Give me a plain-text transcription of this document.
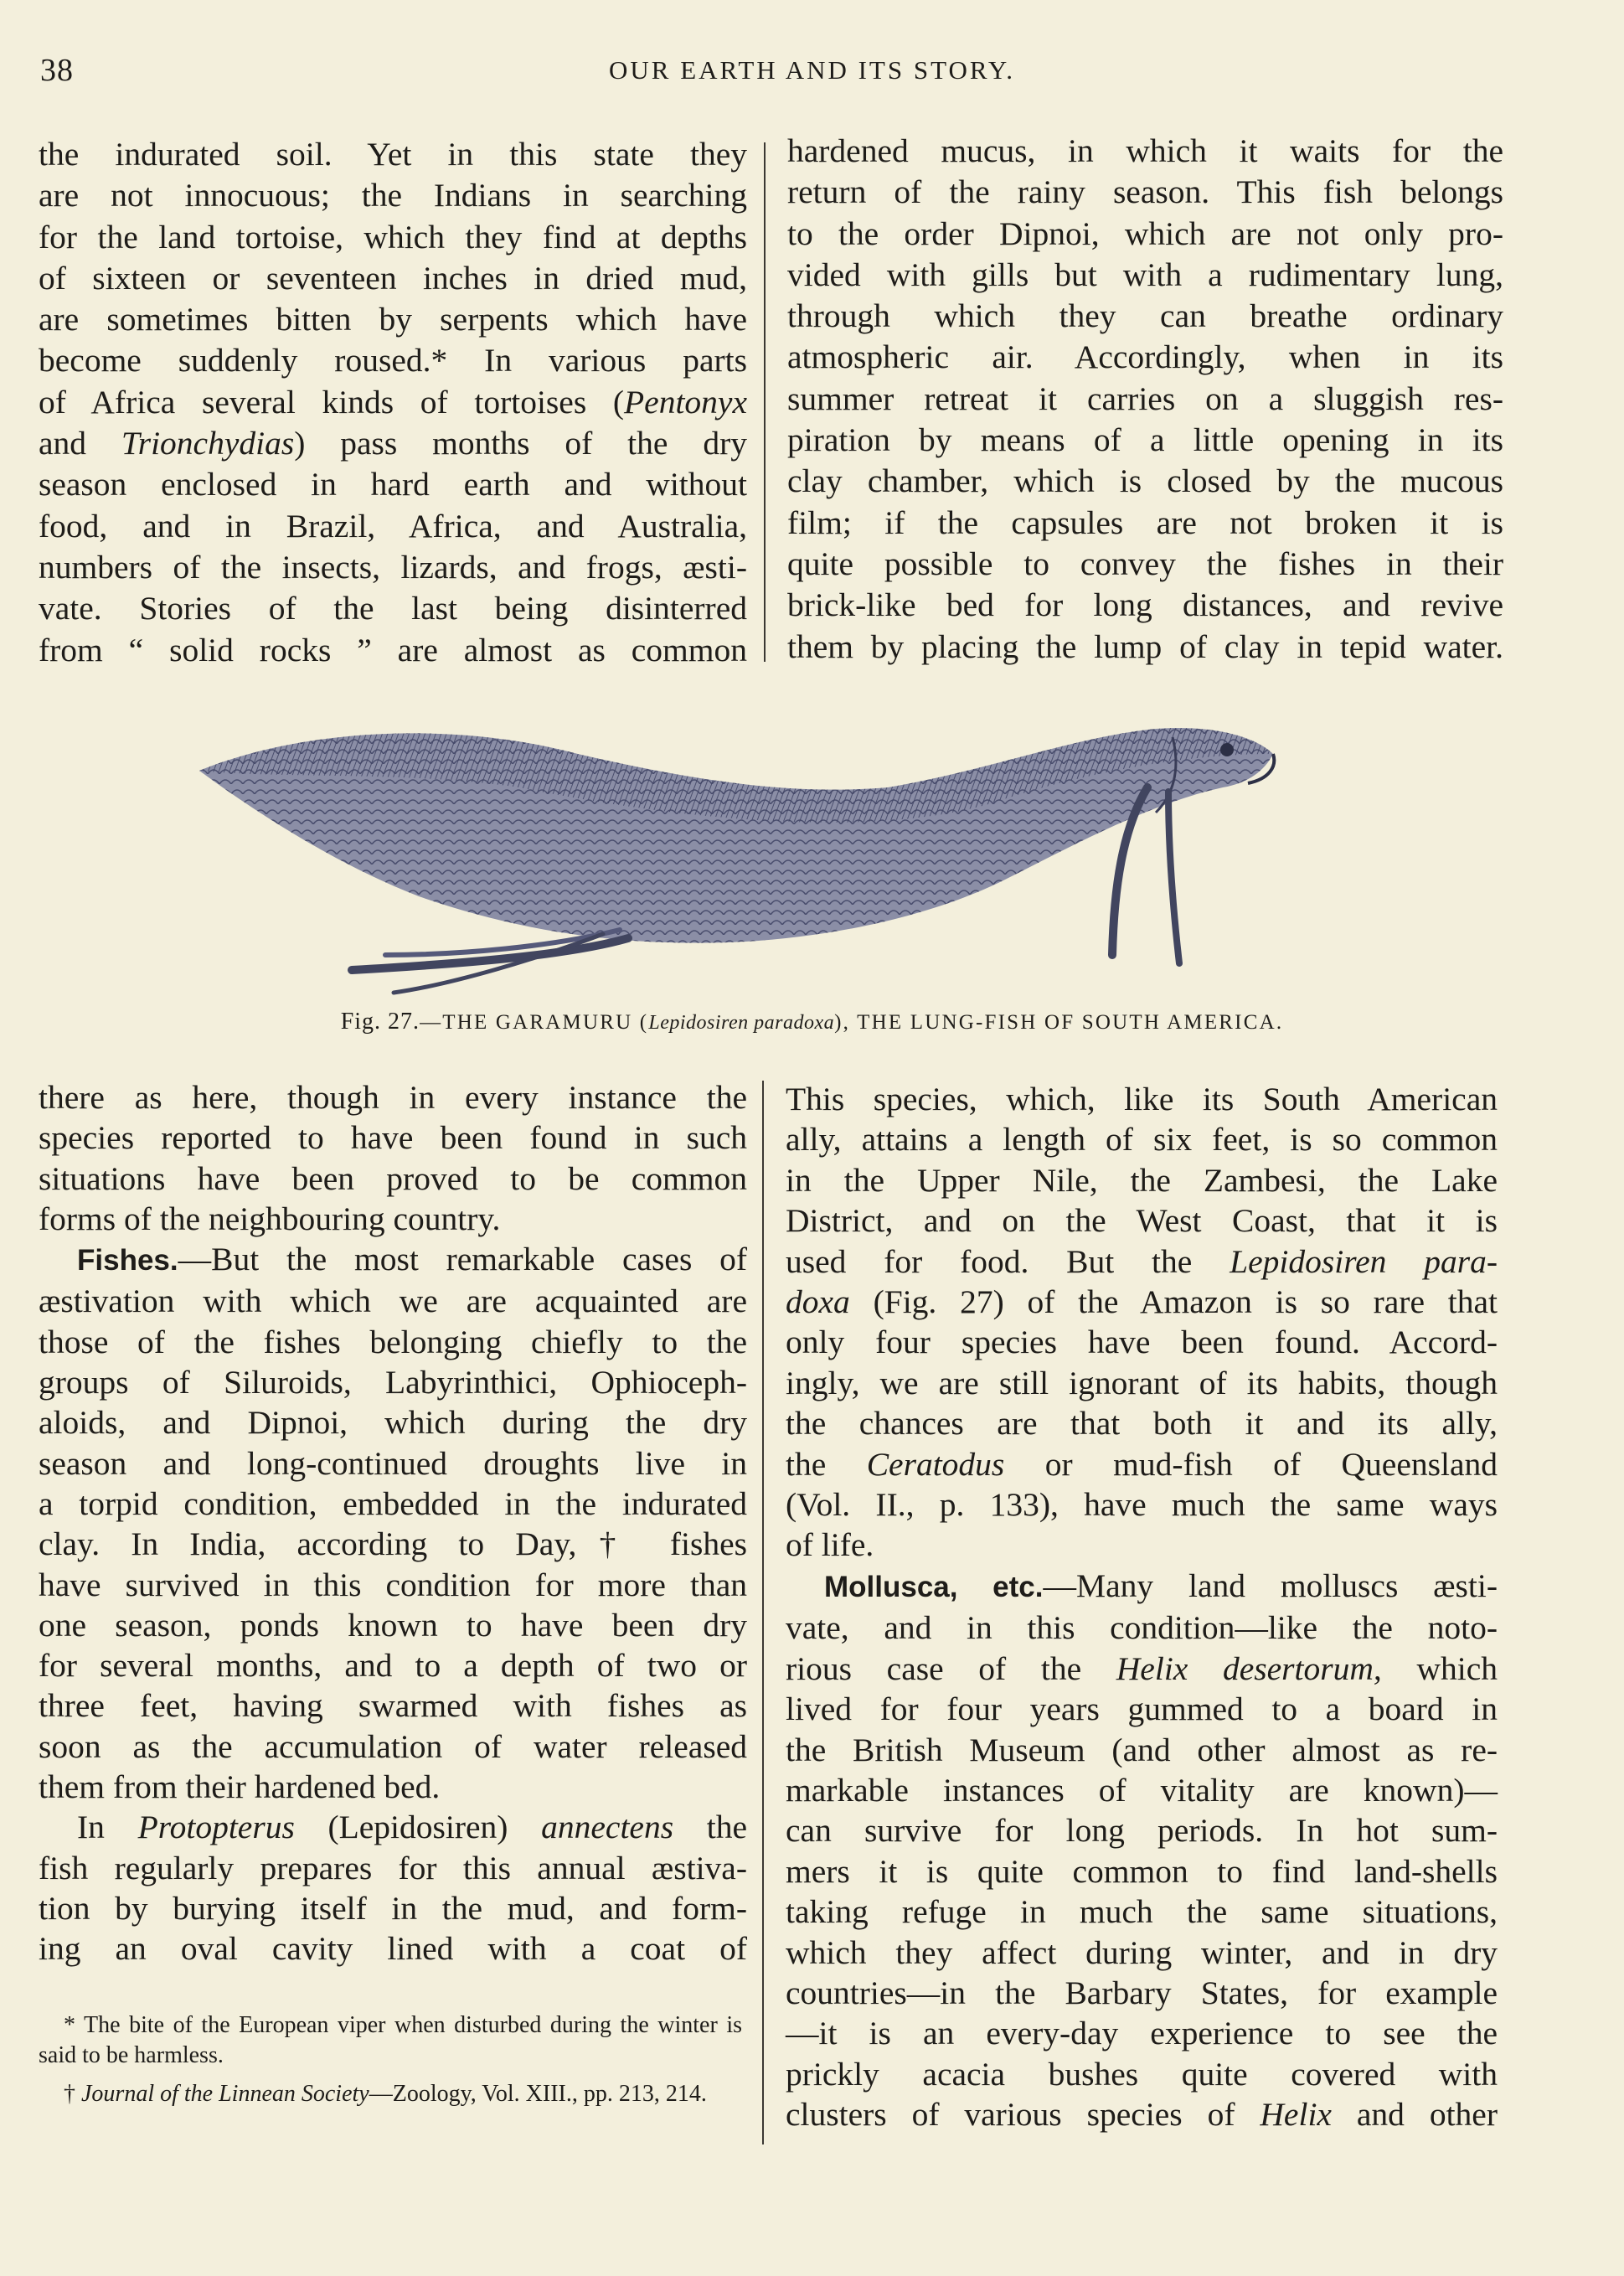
38	OUR EARTH AND ITS STORY.
the indurated soil. Yet in this state they
are not innocuous; the Indians in searching
for the land tortoise, which they find at depths
of sixteen or seventeen inches in dried mud,
are sometimes bitten by serpents which have
become suddenly roused.* In various parts
of Africa several kinds of tortoises (Pentonyx
and Trionchydias) pass months of the dry
season enclosed in hard earth and without
food, and in Brazil, Africa, and Australia,
numbers of the insects, lizards, and frogs, æsti-
vate. Stories of the last being disinterred
from “ solid rocks ” are almost as common
hardened mucus, in which it waits for the
return of the rainy season. This fish belongs
to the order Dipnoi, which are not only pro-
vided with gills but with a rudimentary lung,
through which they can breathe ordinary
atmospheric air. Accordingly, when in its
summer retreat it carries on a sluggish res-
piration by means of a little opening in its
clay chamber, which is closed by the mucous
film; if the capsules are not broken it is
quite possible to convey the fishes in their
brick-like bed for long distances, and revive
them by placing the lump of clay in tepid water.
Fig. 27.—THE GARAMURU (Lepidosiren paradoxa), THE LUNG-FISH OF SOUTH AMERICA.
there as here, though in every instance the
species reported to have been found in such
situations have been proved to be common
forms of the neighbouring country.
Fishes.—But the most remarkable cases of
æstivation with which we are acquainted are
those of the fishes belonging chiefly to the
groups of Siluroids, Labyrinthici, Ophioceph-
aloids, and Dipnoi, which during the dry
season and long-continued droughts live in
a torpid condition, embedded in the indurated
clay. In India, according to Day,† fishes
have survived in this condition for more than
one season, ponds known to have been dry
for several months, and to a depth of two or
three feet, having swarmed with fishes as
soon as the accumulation of water released
them from their hardened bed.
In Protopterus (Lepidosiren) annectens the
fish regularly prepares for this annual æstiva-
tion by burying itself in the mud, and form-
ing an oval cavity lined with a coat of

* The bite of the European viper when disturbed during the winter is said to be harmless.

† Journal of the Linnean Society—Zoology, Vol. XIII., pp. 213, 214.

This species, which, like its South American
ally, attains a length of six feet, is so common
in the Upper Nile, the Zambesi, the Lake
District, and on the West Coast, that it is
used for food. But the Lepidosiren para-
doxa (Fig. 27) of the Amazon is so rare that
only four species have been found. Accord-
ingly, we are still ignorant of its habits, though
the chances are that both it and its ally,
the Ceratodus or mud-fish of Queensland
(Vol. II., p. 133), have much the same ways
of life.
Mollusca, etc.—Many land molluscs æsti-
vate, and in this condition—like the noto-
rious case of the Helix desertorum, which
lived for four years gummed to a board in
the British Museum (and other almost as re-
markable instances of vitality are known)—
can survive for long periods. In hot sum-
mers it is quite common to find land-shells
taking refuge in much the same situations,
which they affect during winter, and in dry
countries—in the Barbary States, for example
—it is an every-day experience to see the
prickly acacia bushes quite covered with
clusters of various species of Helix and other
